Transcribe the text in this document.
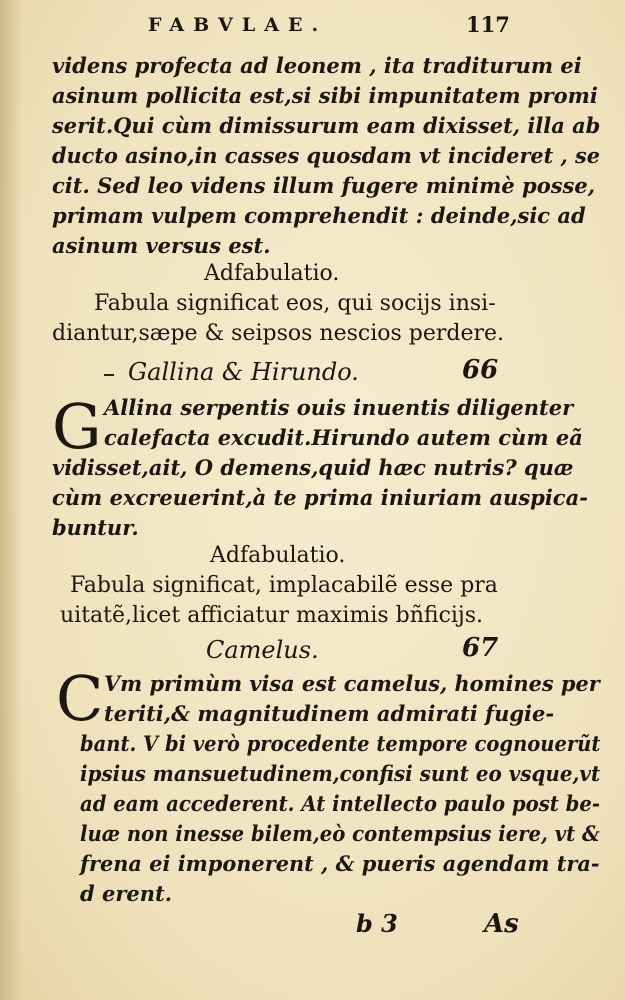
FABVLAE.	117
videns profecta ad leonem , ita traditurum ei
asinum pollicita est,si sibi impunitatem promi
serit.Qui cùm dimissurum eam dixisset, illa ab
ducto asino,in casses quosdam vt incideret , se
cit. Sed leo videns illum fugere minimè posse,
primam vulpem comprehendit : deinde,sic ad
asinum versus est.
Adfabulatio.
Fabula significat eos, qui socijs insi-
diantur,sæpe & seipsos nescios perdere.
Gallina & Hirundo.	66
G Allina serpentis ouis inuentis diligenter
calefacta excudit.Hirundo autem cùm eã
vidisset,ait, O demens,quid hæc nutris? quæ
cùm excreuerint,à te prima iniuriam auspica-
buntur.
Adfabulatio.
Fabula significat, implacabilẽ esse pra
uitatẽ,licet afficiatur maximis bñficijs.
Camelus.	67
C Vm primùm visa est camelus, homines per
teriti,& magnitudinem admirati fugie-
bant. V bi verò procedente tempore cognouerũt
ipsius mansuetudinem,confisi sunt eo vsque,vt
ad eam accederent. At intellecto paulo post be-
luæ non inesse bilem,eò contempsius iere, vt &
frena ei imponerent , & pueris agendam tra-
d erent.
b 3	As
